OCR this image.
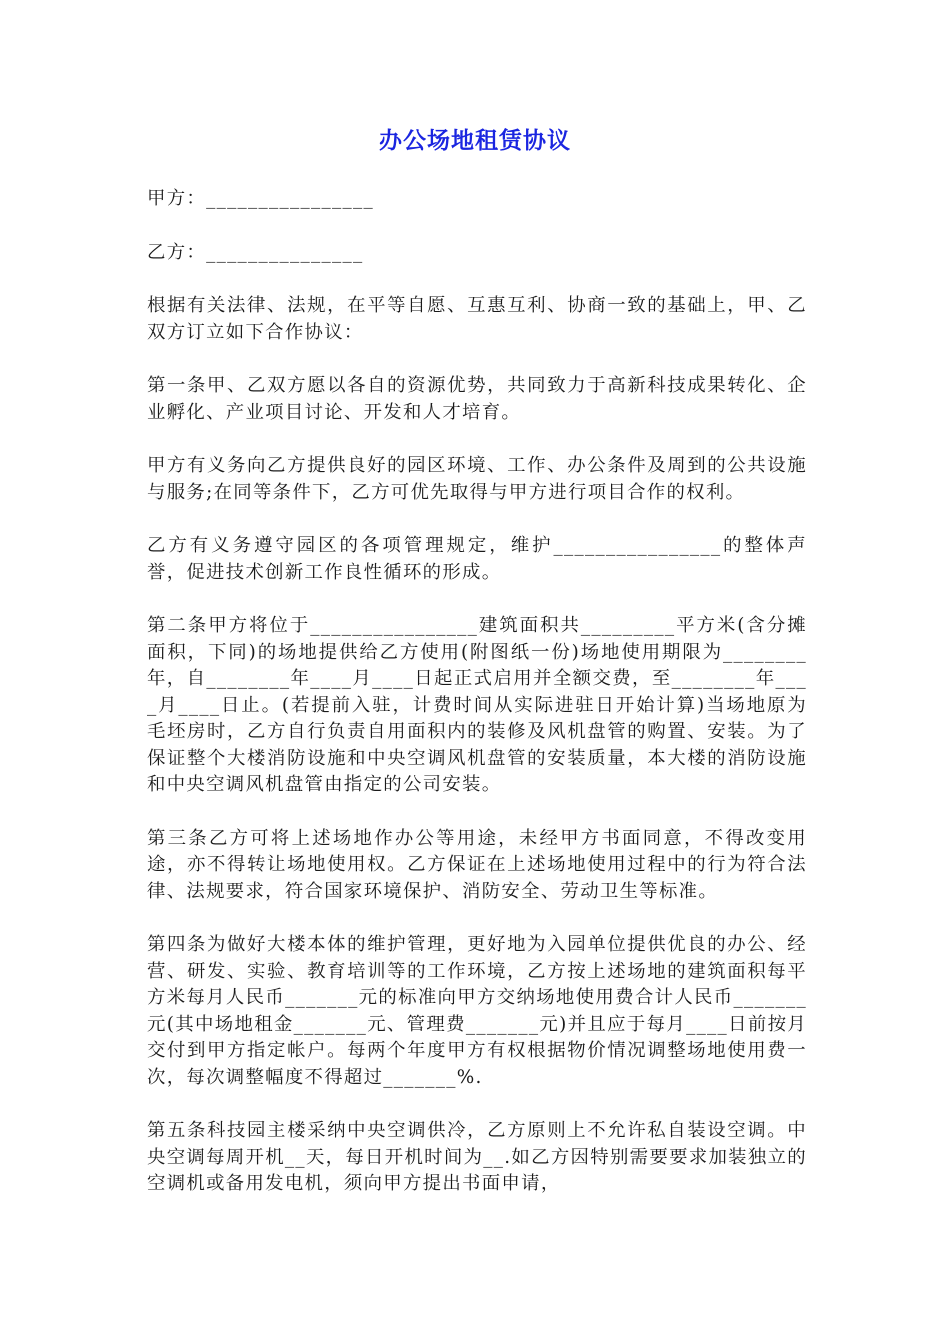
办公场地租赁协议

甲方：________________

乙方：_______________

根据有关法律、法规，在平等自愿、互惠互利、协商一致的基础上，甲、乙双方订立如下合作协议：

第一条甲、乙双方愿以各自的资源优势，共同致力于高新科技成果转化、企业孵化、产业项目讨论、开发和人才培育。

甲方有义务向乙方提供良好的园区环境、工作、办公条件及周到的公共设施与服务;在同等条件下，乙方可优先取得与甲方进行项目合作的权利。

乙方有义务遵守园区的各项管理规定，维护________________的整体声誉，促进技术创新工作良性循环的形成。

第二条甲方将位于________________建筑面积共_________平方米(含分摊面积，下同)的场地提供给乙方使用(附图纸一份)场地使用期限为________年，自________年____月____日起正式启用并全额交费，至________年____月____日止。(若提前入驻，计费时间从实际进驻日开始计算)当场地原为毛坯房时，乙方自行负责自用面积内的装修及风机盘管的购置、安装。为了保证整个大楼消防设施和中央空调风机盘管的安装质量，本大楼的消防设施和中央空调风机盘管由指定的公司安装。

第三条乙方可将上述场地作办公等用途，未经甲方书面同意，不得改变用途，亦不得转让场地使用权。乙方保证在上述场地使用过程中的行为符合法律、法规要求，符合国家环境保护、消防安全、劳动卫生等标准。

第四条为做好大楼本体的维护管理，更好地为入园单位提供优良的办公、经营、研发、实验、教育培训等的工作环境，乙方按上述场地的建筑面积每平方米每月人民币_______元的标准向甲方交纳场地使用费合计人民币_______元(其中场地租金_______元、管理费_______元)并且应于每月____日前按月交付到甲方指定帐户。每两个年度甲方有权根据物价情况调整场地使用费一次，每次调整幅度不得超过_______%.

第五条科技园主楼采纳中央空调供冷，乙方原则上不允许私自装设空调。中央空调每周开机__天，每日开机时间为__.如乙方因特别需要要求加装独立的空调机或备用发电机，须向甲方提出书面申请，
